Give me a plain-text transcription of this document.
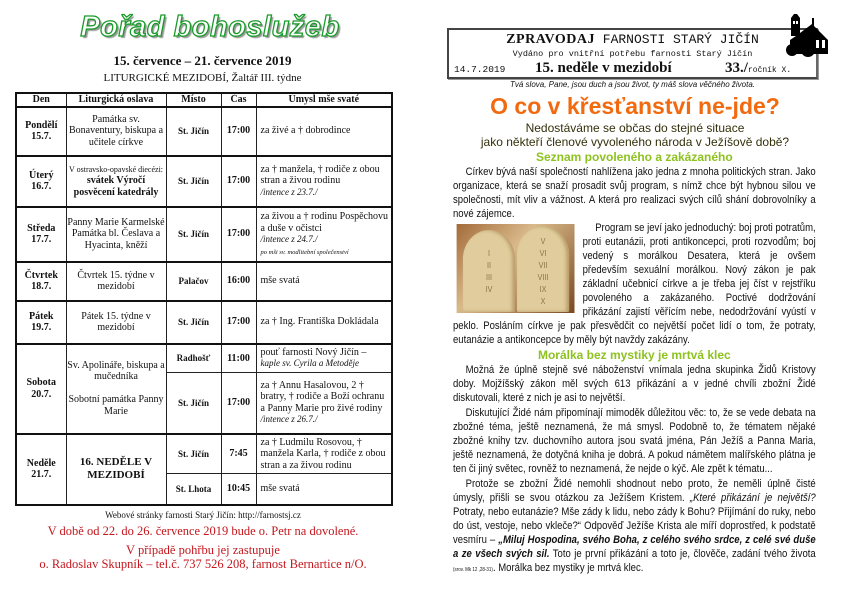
Pořad bohoslužeb
15. července – 21. července 2019
LITURGICKÉ MEZIDOBÍ, Žaltář III. týdne
Den	Liturgická oslava	Místo	Čas	Úmysl mše svaté
Pondělí
15.7.	Památka sv. Bonaventury, biskupa a učitele církve	St. Jičín	17:00	za živé a † dobrodince
Úterý
16.7.	V ostravsko-opavské diecézi: svátek Výročí posvěcení katedrály	St. Jičín	17:00	za † manžela, † rodiče z obou stran a živou rodinu
/intence z 23.7./
Středa
17.7.	Panny Marie Karmelské
Památka bl. Česlava a Hyacinta, kněží	St. Jičín	17:00	za živou a † rodinu Pospěchovu a duše v očistci
/intence z 24.7./
po mši sv. modlitební společenství
Čtvrtek
18.7.	Čtvrtek 15. týdne v mezidobí	Palačov	16:00	mše svatá
Pátek
19.7.	Pátek 15. týdne v mezidobí	St. Jičín	17:00	za † Ing. Františka Dokládala
Sobota
20.7.	Sv. Apolináře, biskupa a mučedníka

Sobotní památka Panny Marie	Radhošť	11:00	pouť farnosti Nový Jičín –
kaple sv. Cyrila a Metoděje
		St. Jičín	17:00	za † Annu Hasalovou, 2 † bratry, † rodiče a Boží ochranu a Panny Marie pro živé rodiny
/intence z 26.7./
Neděle
21.7.	16. NEDĚLE V MEZIDOBÍ	St. Jičín	7:45	za † Ludmilu Rosovou, † manžela Karla, † rodiče z obou stran a za živou rodinu
		St. Lhota	10:45	mše svatá
Webové stránky farnosti Starý Jičín: http://farnostsj.cz
V době od 22. do 26. července 2019 bude o. Petr na dovolené.
V případě pohřbu jej zastupuje
o. Radoslav Skupník – tel.č. 737 526 208, farnost Bernartice n/O.
ZPRAVODAJ FARNOSTI STARÝ JIČÍN
Vydáno pro vnitřní potřebu farnosti Starý Jičín
14.7.2019 15. neděle v mezidobí	33./ročník X.
Tvá slova, Pane, jsou duch a jsou život, ty máš slova věčného života.
O co v křesťanství ne-jde?
Nedostáváme se občas do stejné situace
jako někteří členové vyvoleného národa v Ježíšově době?
Seznam povoleného a zakázaného

Církev bývá naší společností nahlížena jako jedna z mnoha politických stran. Jako organizace, která se snaží prosadit svůj program, s nímž chce být hybnou silou ve společnosti, mít vliv a vážnost. A která pro realizaci svých cílů shání dobrovolníky a nové zájemce.

I
II
III
IV
V
VI
VII
VIII
IX
X

Program se jeví jako jednoduchý: boj proti potratům, proti eutanázii, proti antikoncepci, proti rozvodům; boj vedený s morálkou Desatera, která je ovšem především sexuální morálkou. Nový zákon je pak základní učebnicí církve a je třeba jej číst v rejstříku povoleného a zakázaného. Poctivé dodržování přikázání zajistí věřícím nebe, nedodržování vyústí v peklo. Posláním církve je pak přesvědčit co největší počet lidí o tom, že potraty, eutanázie a antikoncepce by měly být navždy zakázány.

Morálka bez mystiky je mrtvá klec

Možná že úplně stejně své náboženství vnímala jedna skupinka Židů Kristovy doby. Mojžíšský zákon měl svých 613 přikázání a v jedné chvíli zbožní Židé diskutovali, které z nich je asi to největší.

Diskutující Židé nám připomínají mimoděk důležitou věc: to, že se vede debata na zbožné téma, ještě neznamená, že má smysl. Podobně to, že tématem nějaké zbožné knihy tzv. duchovního autora jsou svatá jména, Pán Ježíš a Panna Maria, ještě neznamená, že dotyčná kniha je dobrá. A pokud námětem malířského plátna je ten či jiný světec, rovněž to neznamená, že nejde o kýč. Ale zpět k tématu...

Protože se zbožní Židé nemohli shodnout nebo proto, že neměli úplně čisté úmysly, přišli se svou otázkou za Ježíšem Kristem. „Které přikázání je největší? Potraty, nebo eutanázie? Mše zády k lidu, nebo zády k Bohu? Přijímání do ruky, nebo do úst, vestoje, nebo vkleče?“ Odpověď Ježíše Krista ale míří doprostřed, k podstatě vesmíru – „Miluj Hospodina, svého Boha, z celého svého srdce, z celé své duše a ze všech svých sil. Toto je první přikázání a toto je, člověče, zadání tvého života (srov. Mk 12 ,28-31). Morálka bez mystiky je mrtvá klec.
